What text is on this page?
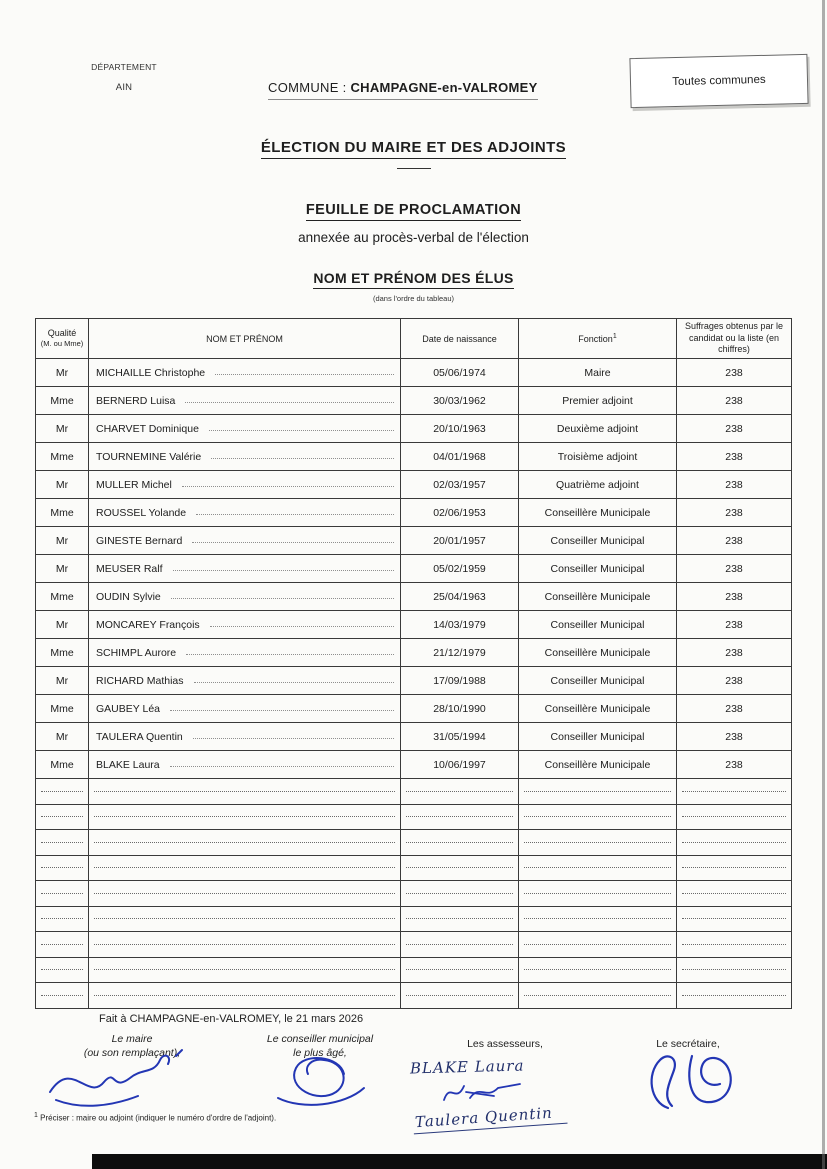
DÉPARTEMENT
AIN	COMMUNE : CHAMPAGNE-en-VALROMEY	Toutes communes
ÉLECTION DU MAIRE ET DES ADJOINTS
FEUILLE DE PROCLAMATION
annexée au procès-verbal de l'élection
NOM ET PRÉNOM DES ÉLUS
(dans l'ordre du tableau)
Qualité
(M. ou Mme)	NOM ET PRÉNOM	Date de naissance	Fonction$^1$	Suffrages obtenus par le candidat ou la liste (en chiffres)
Mr	MICHAILLE Christophe	05/06/1974	Maire	238
Mme	BERNERD Luisa	30/03/1962	Premier adjoint	238
Mr	CHARVET Dominique	20/10/1963	Deuxième adjoint	238
Mme	TOURNEMINE Valérie	04/01/1968	Troisième adjoint	238
Mr	MULLER Michel	02/03/1957	Quatrième adjoint	238
Mme	ROUSSEL Yolande	02/06/1953	Conseillère Municipale	238
Mr	GINESTE Bernard	20/01/1957	Conseiller Municipal	238
Mr	MEUSER Ralf	05/02/1959	Conseiller Municipal	238
Mme	OUDIN Sylvie	25/04/1963	Conseillère Municipale	238
Mr	MONCAREY François	14/03/1979	Conseiller Municipal	238
Mme	SCHIMPL Aurore	21/12/1979	Conseillère Municipale	238
Mr	RICHARD Mathias	17/09/1988	Conseiller Municipal	238
Mme	GAUBEY Léa	28/10/1990	Conseillère Municipale	238
Mr	TAULERA Quentin	31/05/1994	Conseiller Municipal	238
Mme	BLAKE Laura	10/06/1997	Conseillère Municipale	238

Fait à CHAMPAGNE-en-VALROMEY, le 21 mars 2026
Le maire
(ou son remplaçant),
Le conseiller municipal
le plus âgé,
Les assesseurs,	Le secrétaire,
BLAKE Laura
Taulera Quentin
$^1$ Préciser : maire ou adjoint (indiquer le numéro d'ordre de l'adjoint).
